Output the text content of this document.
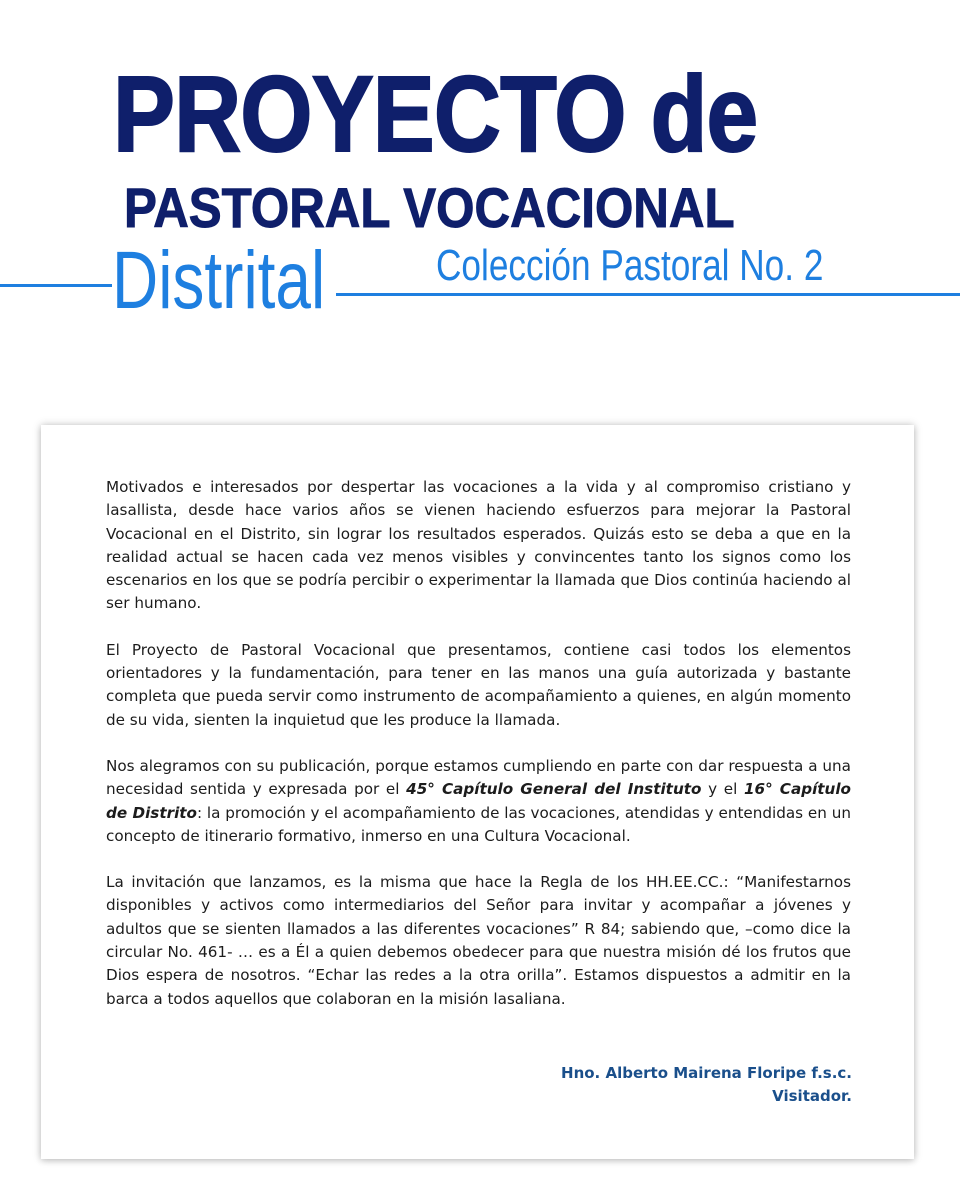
PROYECTO de
PASTORAL VOCACIONAL
Distrital	Colección Pastoral No. 2

Motivados e interesados por despertar las vocaciones a la vida y al compromiso cristiano y lasallista, desde hace varios años se vienen haciendo esfuerzos para mejorar la Pastoral Vocacional en el Distrito, sin lograr los resultados esperados. Quizás esto se deba a que en la realidad actual se hacen cada vez menos visibles y convincentes tanto los signos como los escenarios en los que se podría percibir o experimentar la llamada que Dios continúa haciendo al ser humano.

El Proyecto de Pastoral Vocacional que presentamos, contiene casi todos los elementos orientadores y la fundamentación, para tener en las manos una guía autorizada y bastante completa que pueda servir como instrumento de acompañamiento a quienes, en algún momento de su vida, sienten la inquietud que les produce la llamada.

Nos alegramos con su publicación, porque estamos cumpliendo en parte con dar respuesta a una necesidad sentida y expresada por el 45° Capítulo General del Instituto y el 16° Capítulo de Distrito: la promoción y el acompañamiento de las vocaciones, atendidas y entendidas en un concepto de itinerario formativo, inmerso en una Cultura Vocacional.

La invitación que lanzamos, es la misma que hace la Regla de los HH.EE.CC.: “Manifestarnos disponibles y activos como intermediarios del Señor para invitar y acompañar a jóvenes y adultos que se sienten llamados a las diferentes vocaciones” R 84; sabiendo que, –como dice la circular No. 461- … es a Él a quien debemos obedecer para que nuestra misión dé los frutos que Dios espera de nosotros. “Echar las redes a la otra orilla”. Estamos dispuestos a admitir en la barca a todos aquellos que colaboran en la misión lasaliana.

Hno. Alberto Mairena Floripe f.s.c.
Visitador.
